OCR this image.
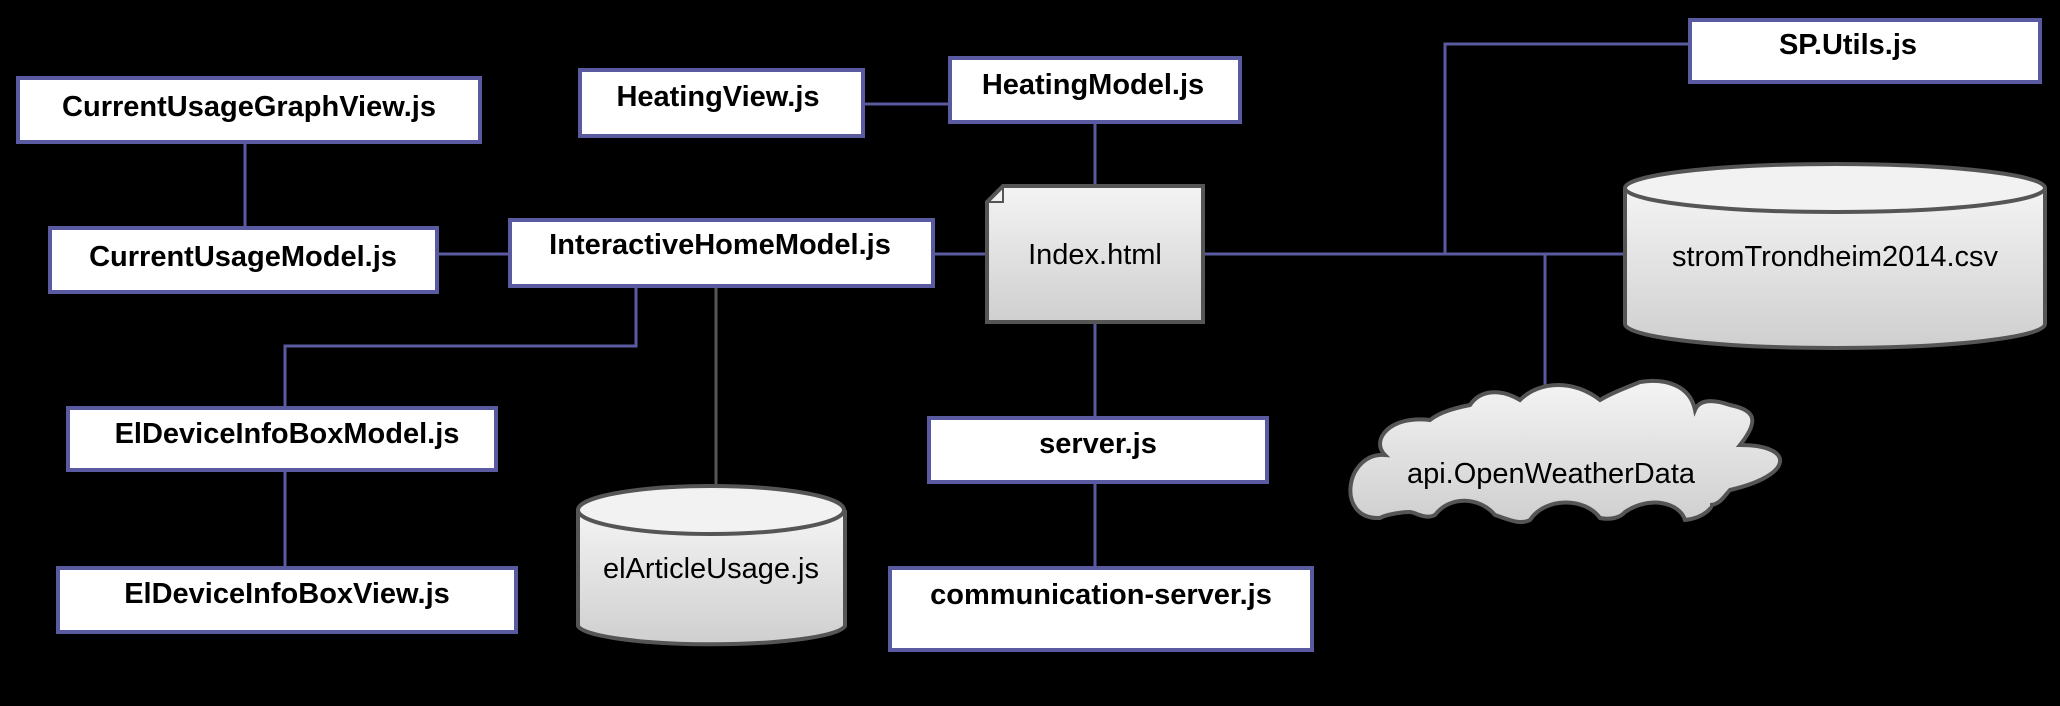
CurrentUsageGraphView.js
CurrentUsageModel.js
HeatingView.js	HeatingModel.js
InteractiveHomeModel.js	Index.html
SP.Utils.js
stromTrondheim2014.csv
ElDeviceInfoBoxModel.js
ElDeviceInfoBoxView.js
elArticleUsage.js
server.js
communication-server.js
api.OpenWeatherData
